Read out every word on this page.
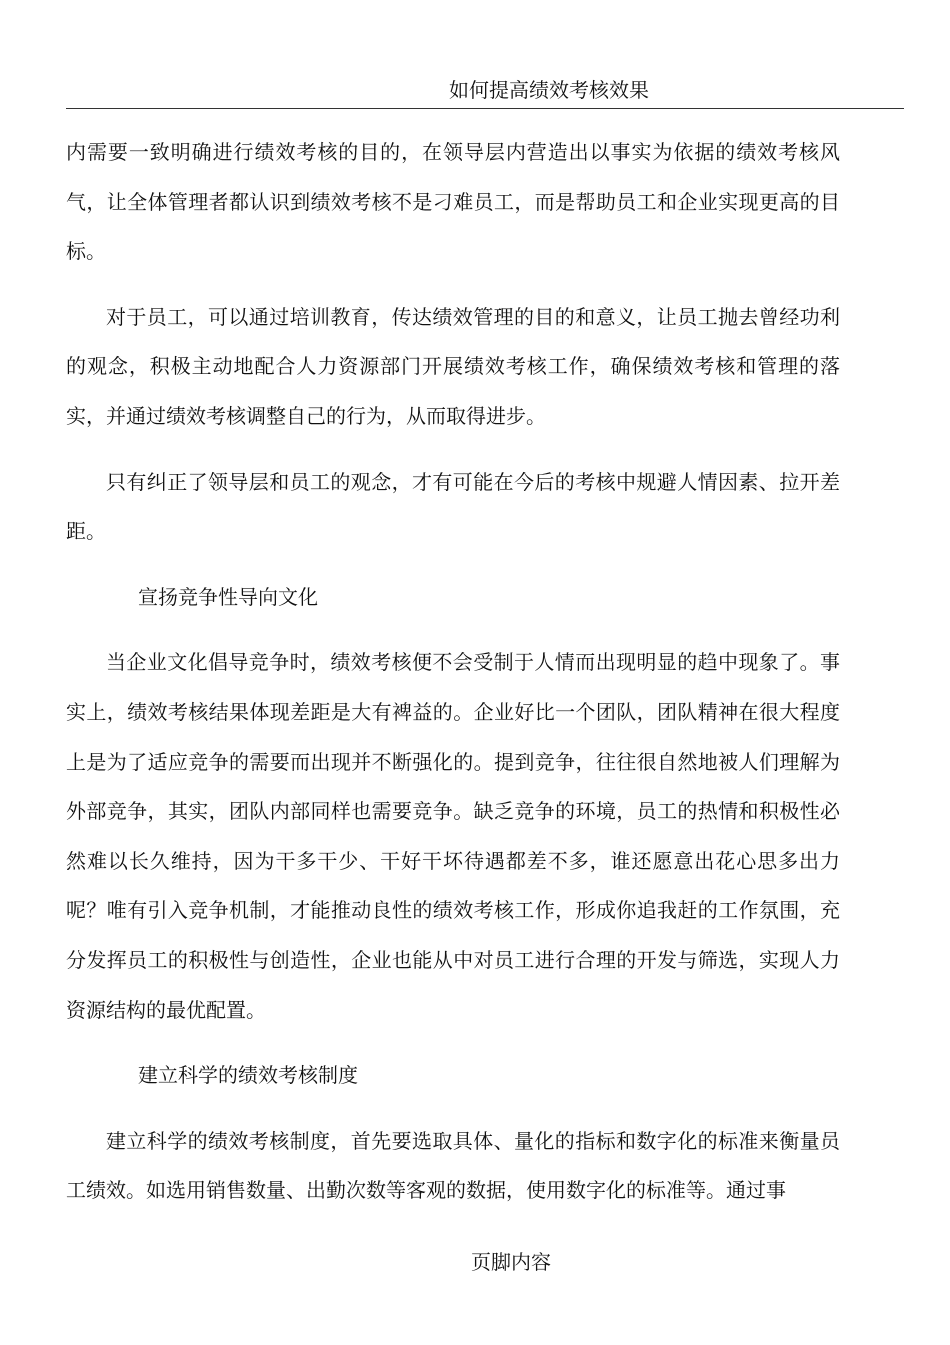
如何提高绩效考核效果

内需要一致明确进行绩效考核的目的，在领导层内营造出以事实为依据的绩效考核风气，让全体管理者都认识到绩效考核不是刁难员工，而是帮助员工和企业实现更高的目标。

对于员工，可以通过培训教育，传达绩效管理的目的和意义，让员工抛去曾经功利的观念，积极主动地配合人力资源部门开展绩效考核工作，确保绩效考核和管理的落实，并通过绩效考核调整自己的行为，从而取得进步。

只有纠正了领导层和员工的观念，才有可能在今后的考核中规避人情因素、拉开差距。

宣扬竞争性导向文化

当企业文化倡导竞争时，绩效考核便不会受制于人情而出现明显的趋中现象了。事实上，绩效考核结果体现差距是大有裨益的。企业好比一个团队，团队精神在很大程度上是为了适应竞争的需要而出现并不断强化的。提到竞争，往往很自然地被人们理解为外部竞争，其实，团队内部同样也需要竞争。缺乏竞争的环境，员工的热情和积极性必然难以长久维持，因为干多干少、干好干坏待遇都差不多，谁还愿意出花心思多出力呢？唯有引入竞争机制，才能推动良性的绩效考核工作，形成你追我赶的工作氛围，充分发挥员工的积极性与创造性，企业也能从中对员工进行合理的开发与筛选，实现人力资源结构的最优配置。

建立科学的绩效考核制度

建立科学的绩效考核制度，首先要选取具体、量化的指标和数字化的标准来衡量员工绩效。如选用销售数量、出勤次数等客观的数据，使用数字化的标准等。通过事

页脚内容
